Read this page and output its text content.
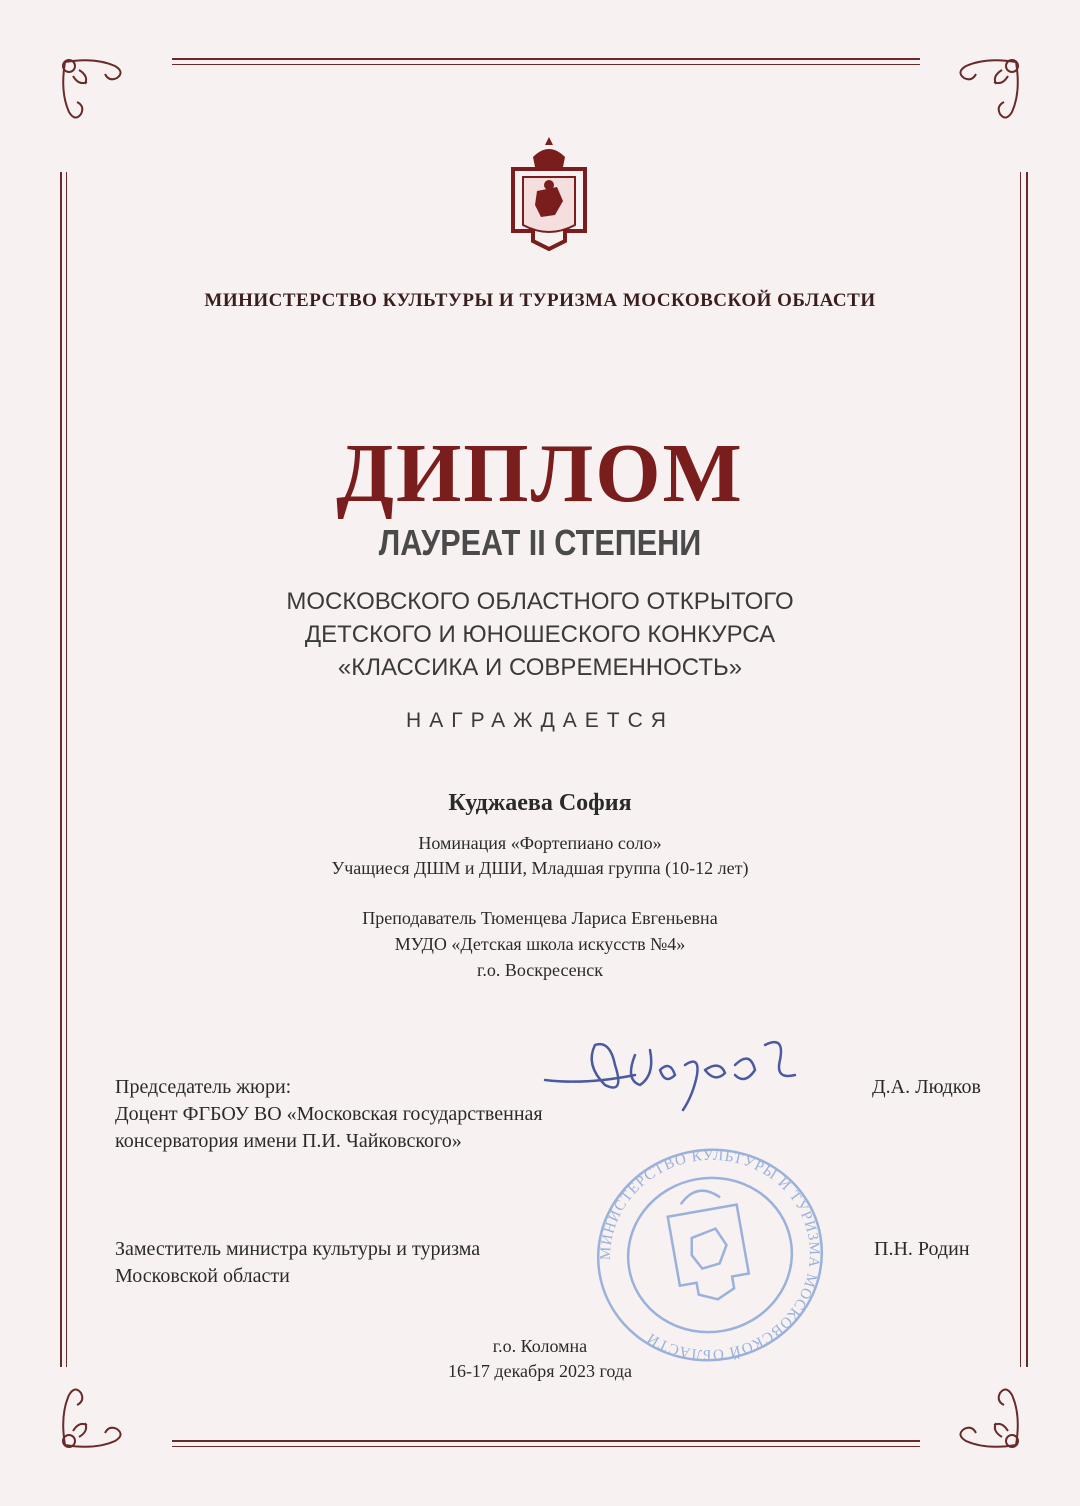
МИНИСТЕРСТВО КУЛЬТУРЫ И ТУРИЗМА МОСКОВСКОЙ ОБЛАСТИ
ДИПЛОМ
ЛАУРЕАТ II СТЕПЕНИ
МОСКОВСКОГО ОБЛАСТНОГО ОТКРЫТОГО
ДЕТСКОГО И ЮНОШЕСКОГО КОНКУРСА
«КЛАССИКА И СОВРЕМЕННОСТЬ»
НАГРАЖДАЕТСЯ
Куджаева София
Номинация «Фортепиано соло»
Учащиеся ДШМ и ДШИ, Младшая группа (10-12 лет)
Преподаватель Тюменцева Лариса Евгеньевна
МУДО «Детская школа искусств №4»
г.о. Воскресенск
Председатель жюри:
Доцент ФГБОУ ВО «Московская государственная
консерватория имени П.И. Чайковского»
Д.А. Людков
МИНИСТЕРСТВО КУЛЬТУРЫ И ТУРИЗМА МОСКОВСКОЙ ОБЛАСТИ
Заместитель министра культуры и туризма
Московской области
П.Н. Родин
г.о. Коломна
16-17 декабря 2023 года
